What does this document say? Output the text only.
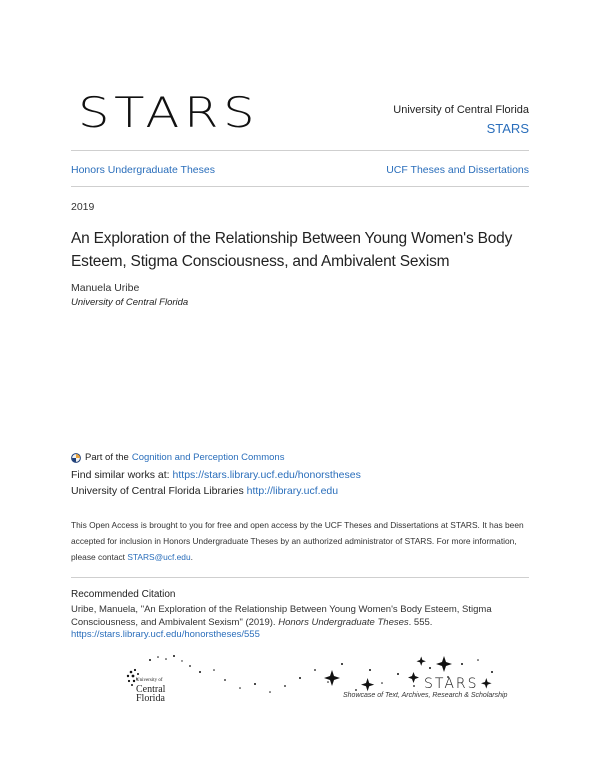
STARS	University of Central Florida
STARS
Honors Undergraduate Theses	UCF Theses and Dissertations
2019
An Exploration of the Relationship Between Young Women's Body
Esteem, Stigma Consciousness, and Ambivalent Sexism
Manuela Uribe
University of Central Florida
Part of the Cognition and Perception Commons
Find similar works at: https://stars.library.ucf.edu/honorstheses
University of Central Florida Libraries http://library.ucf.edu
This Open Access is brought to you for free and open access by the UCF Theses and Dissertations at STARS. It has been accepted for inclusion in Honors Undergraduate Theses by an authorized administrator of STARS. For more information, please contact STARS@ucf.edu.
Recommended Citation
Uribe, Manuela, "An Exploration of the Relationship Between Young Women's Body Esteem, Stigma Consciousness, and Ambivalent Sexism" (2019). Honors Undergraduate Theses. 555.
https://stars.library.ucf.edu/honorstheses/555
University of
Central
Florida
STARS
Showcase of Text, Archives, Research & Scholarship
